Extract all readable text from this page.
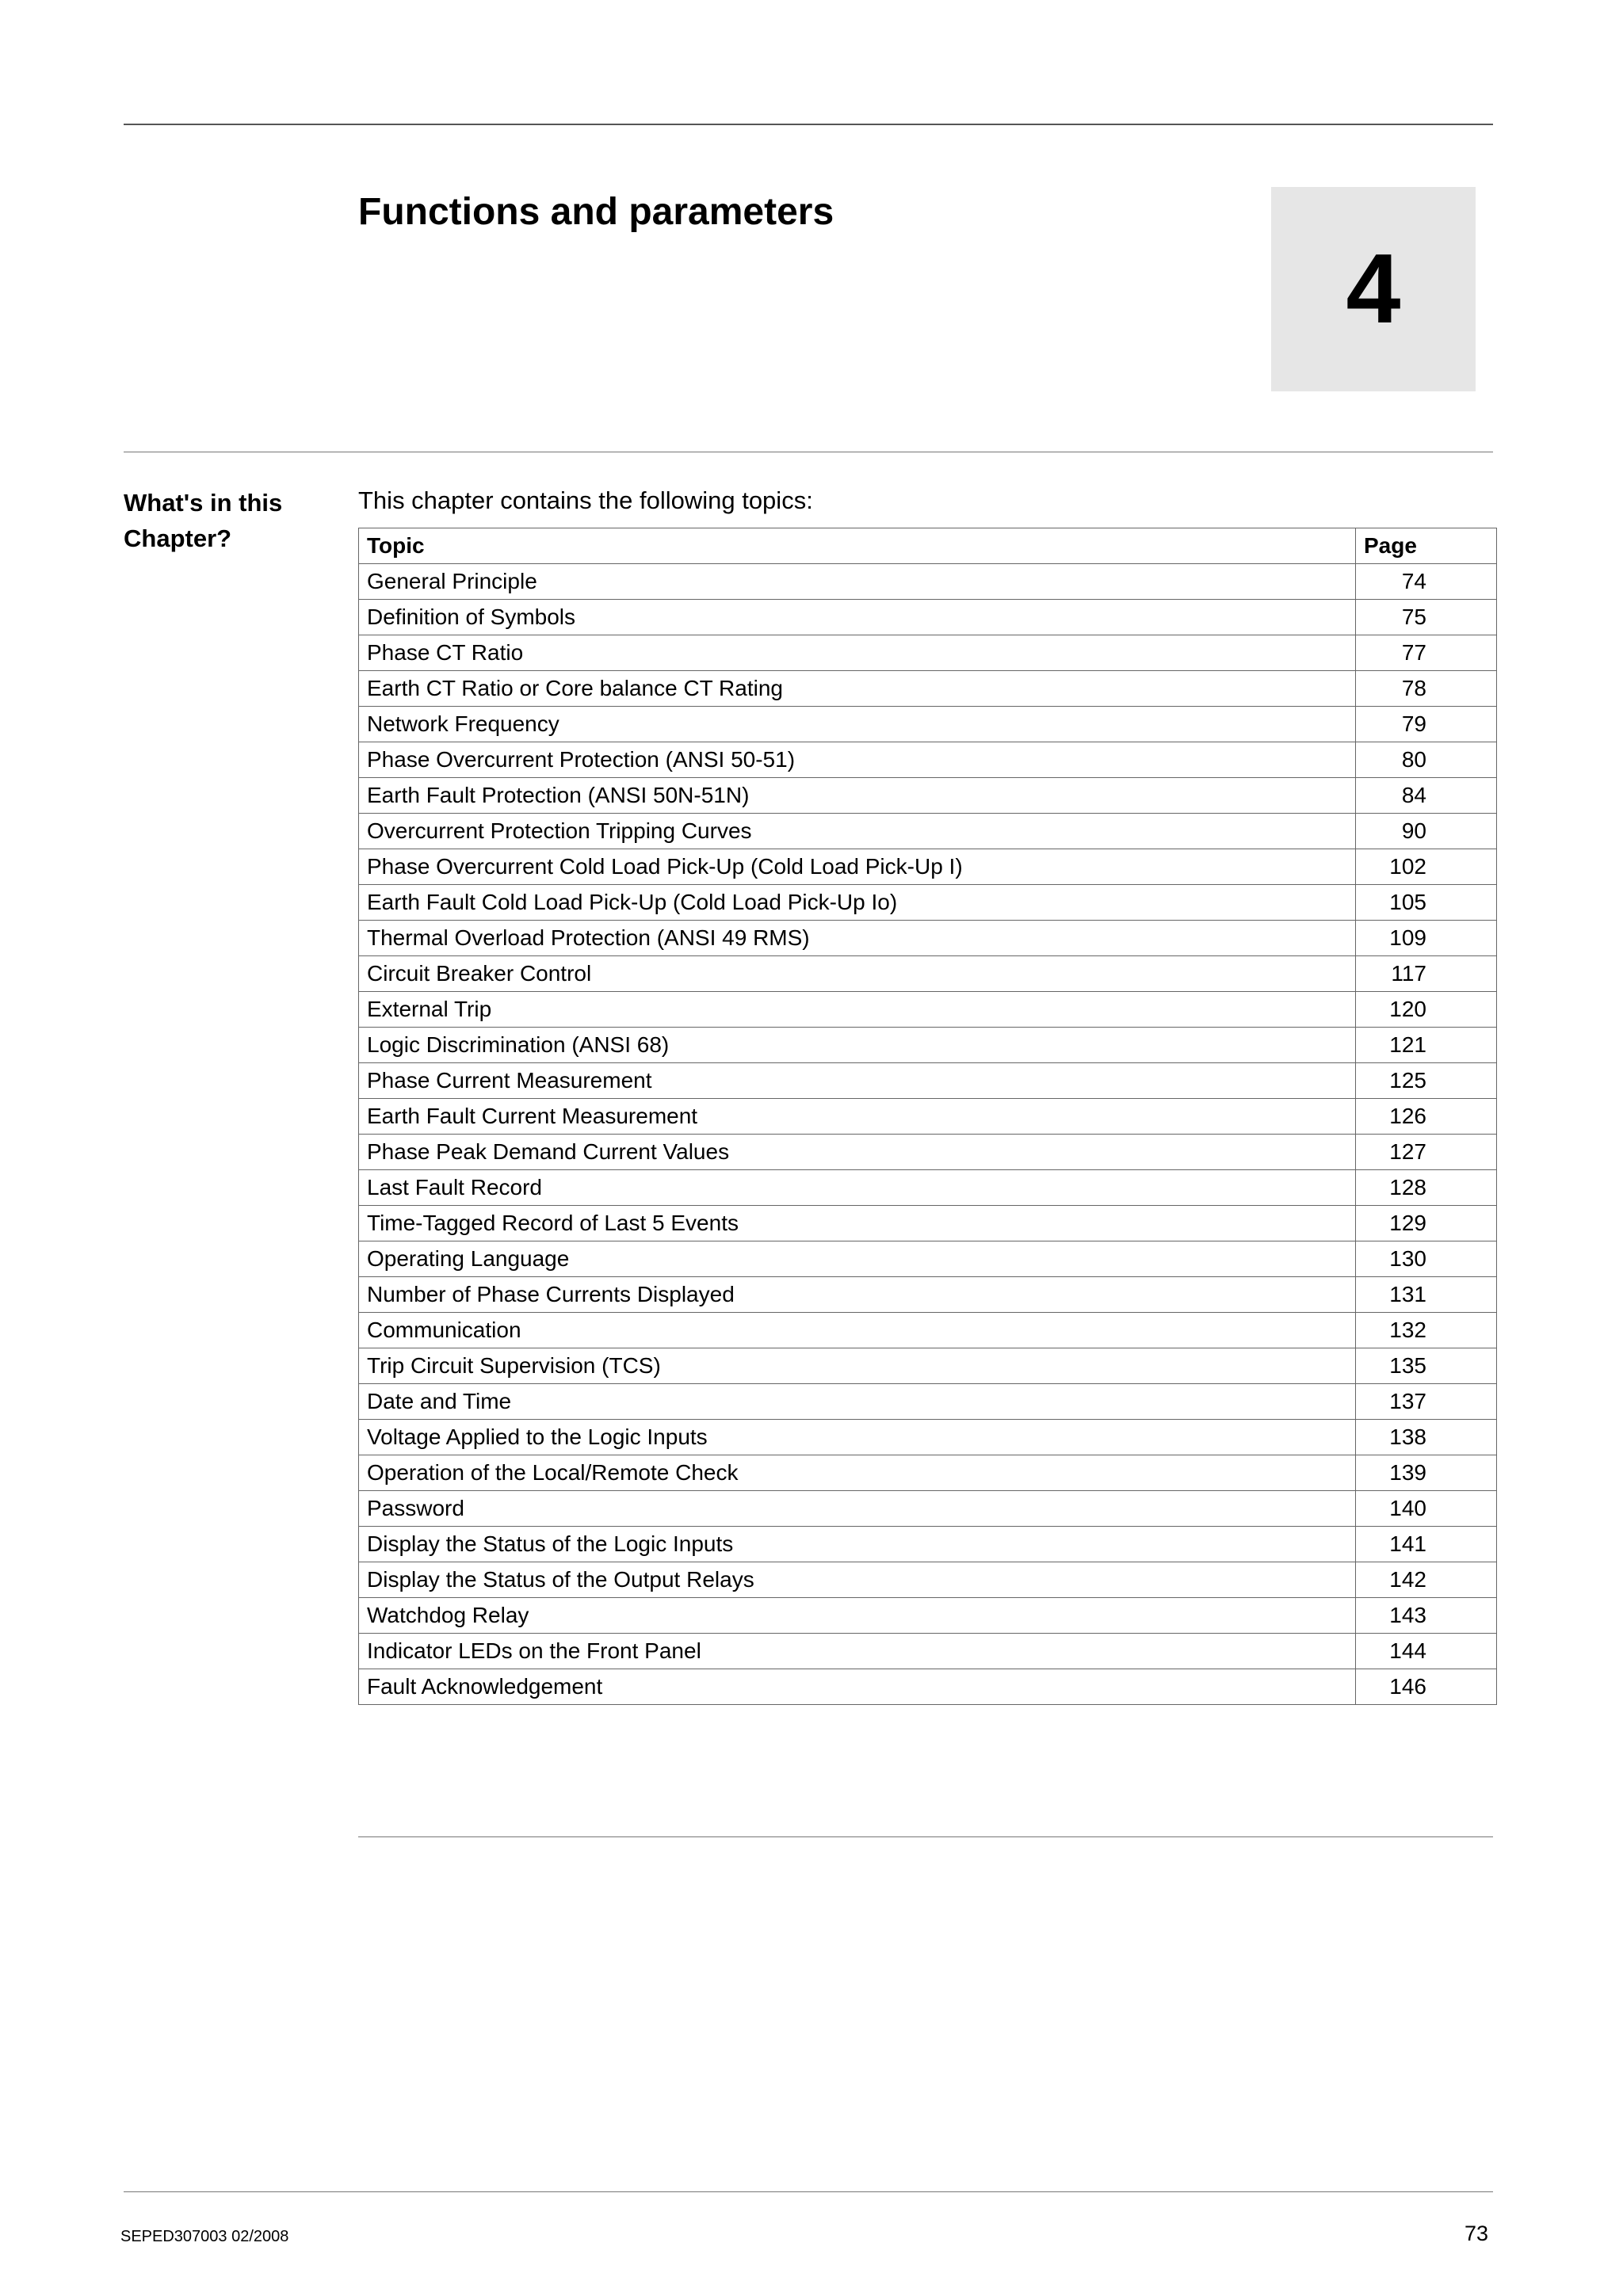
Functions and parameters
4
What's in this Chapter?
This chapter contains the following topics:
Topic	Page
General Principle	74
Definition of Symbols	75
Phase CT Ratio	77
Earth CT Ratio or Core balance CT Rating	78
Network Frequency	79
Phase Overcurrent Protection (ANSI 50-51)	80
Earth Fault Protection (ANSI 50N-51N)	84
Overcurrent Protection Tripping Curves	90
Phase Overcurrent Cold Load Pick-Up (Cold Load Pick-Up I)	102
Earth Fault Cold Load Pick-Up (Cold Load Pick-Up Io)	105
Thermal Overload Protection (ANSI 49 RMS)	109
Circuit Breaker Control	117
External Trip	120
Logic Discrimination (ANSI 68)	121
Phase Current Measurement	125
Earth Fault Current Measurement	126
Phase Peak Demand Current Values	127
Last Fault Record	128
Time-Tagged Record of Last 5 Events	129
Operating Language	130
Number of Phase Currents Displayed	131
Communication	132
Trip Circuit Supervision (TCS)	135
Date and Time	137
Voltage Applied to the Logic Inputs	138
Operation of the Local/Remote Check	139
Password	140
Display the Status of the Logic Inputs	141
Display the Status of the Output Relays	142
Watchdog Relay	143
Indicator LEDs on the Front Panel	144
Fault Acknowledgement	146
SEPED307003 02/2008	73
